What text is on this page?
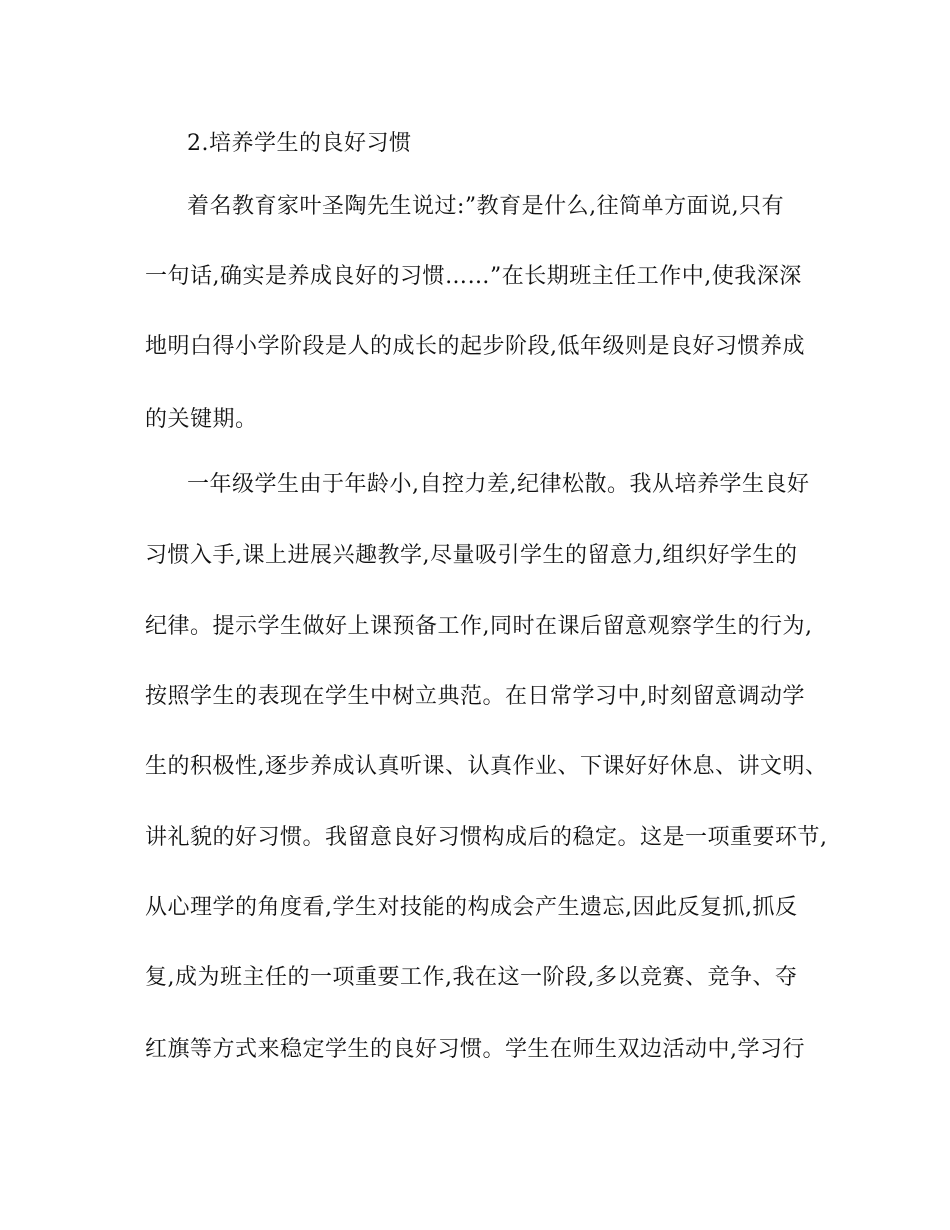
2.培养学生的良好习惯
着名教育家叶圣陶先生说过:”教育是什么,往简单方面说,只有
一句话,确实是养成良好的习惯……”在长期班主任工作中,使我深深
地明白得小学阶段是人的成长的起步阶段,低年级则是良好习惯养成
的关键期。
一年级学生由于年龄小,自控力差,纪律松散。我从培养学生良好
习惯入手,课上进展兴趣教学,尽量吸引学生的留意力,组织好学生的
纪律。提示学生做好上课预备工作,同时在课后留意观察学生的行为,
按照学生的表现在学生中树立典范。在日常学习中,时刻留意调动学
生的积极性,逐步养成认真听课、认真作业、下课好好休息、讲文明、
讲礼貌的好习惯。我留意良好习惯构成后的稳定。这是一项重要环节,
从心理学的角度看,学生对技能的构成会产生遗忘,因此反复抓,抓反
复,成为班主任的一项重要工作,我在这一阶段,多以竞赛、竞争、夺
红旗等方式来稳定学生的良好习惯。学生在师生双边活动中,学习行
